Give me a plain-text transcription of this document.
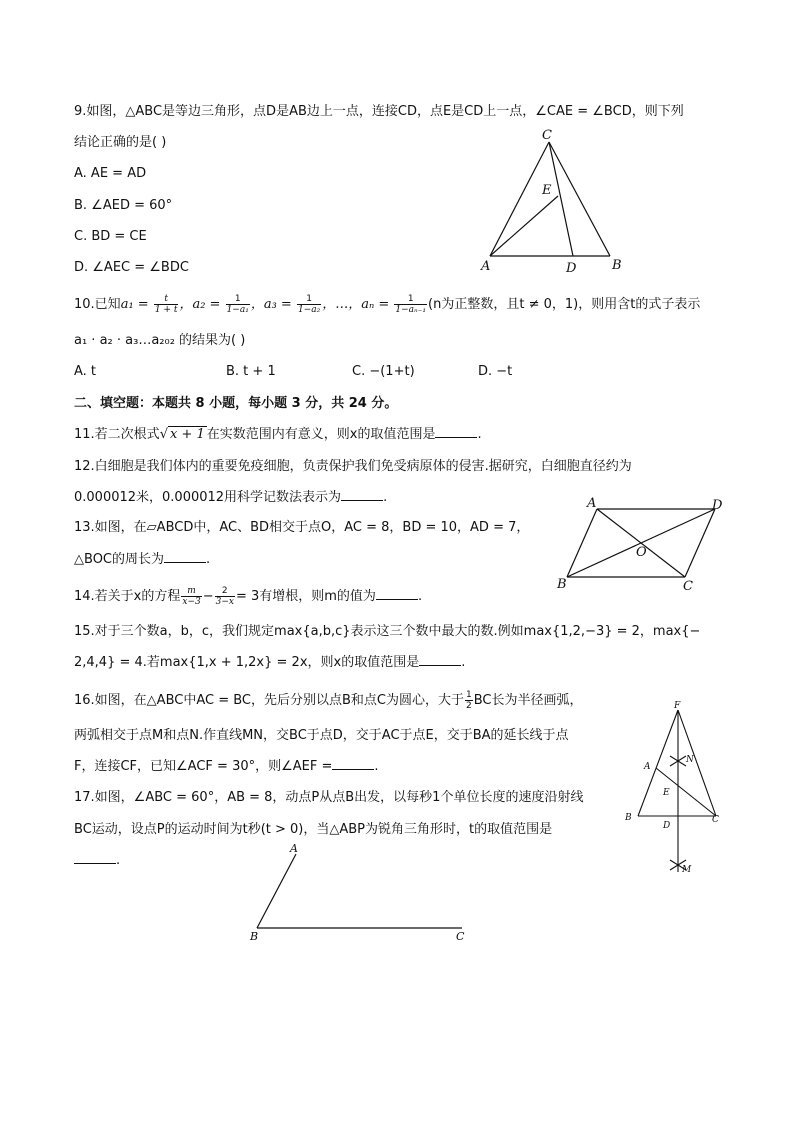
9.如图，△ABC是等边三角形，点D是AB边上一点，连接CD，点E是CD上一点，∠CAE = ∠BCD，则下列
结论正确的是( )
A. AE = AD
B. ∠AED = 60°
C. BD = CE
D. ∠AEC = ∠BDC
C
E
A	D	B
10.已知$a_1 = \frac{t}{1 + t}$ ，$a_2 = \frac{1}{\text{1−a₁}}$ ，$a_3 = \frac{1}{\text{1−a₂}}$ ，…，$a_n = \frac{1}{\text{1−aₙ₋₁}} (n$为正整数，且t ≠ 0，1)，则用含t的式子表示
a₁ · a₂ · a₃…a₂₀₂ 的结果为( )
A. t	B. t + 1	C. −(1+t)	D. −t
二、填空题：本题共 8 小题，每小题 3 分，共 24 分。
11.若二次根式√ x + 1 在实数范围内有意义，则x的取值范围是	.
12.白细胞是我们体内的重要免疫细胞，负责保护我们免受病原体的侵害.据研究，白细胞直径约为
0.000012米，0.000012用科学记数法表示为	.
13.如图，在▱ABCD中，AC、BD相交于点O，AC = 8，BD = 10，AD = 7，
△BOC的周长为	.
A	D
O
B	C
14.若关于x的方程 $\frac{m}{x-3} - \frac{2}{3-x} = 3$有增根，则m的值为	.
15.对于三个数a，b，c，我们规定max{a,b,c}表示这三个数中最大的数.例如max{1,2,−3} = 2，max{−
2,4,4} = 4.若max{1,x + 1,2x} = 2x，则x的取值范围是	.
16.如图，在△ABC中AC = BC，先后分别以点B和点C为圆心，大于 $\frac{1}{2}$ BC长为半径画弧，
两弧相交于点M和点N.作直线MN，交BC于点D，交于AC于点E，交于BA的延长线于点
F，连接CF，已知∠ACF = 30°，则∠AEF =	.
F
A
N
E
B
D
C
M
17.如图，∠ABC = 60°，AB = 8，动点P从点B出发，以每秒1个单位长度的速度沿射线
BC运动，设点P的运动时间为t秒(t > 0)，当△ABP为锐角三角形时，t的取值范围是
.
A
B	C
